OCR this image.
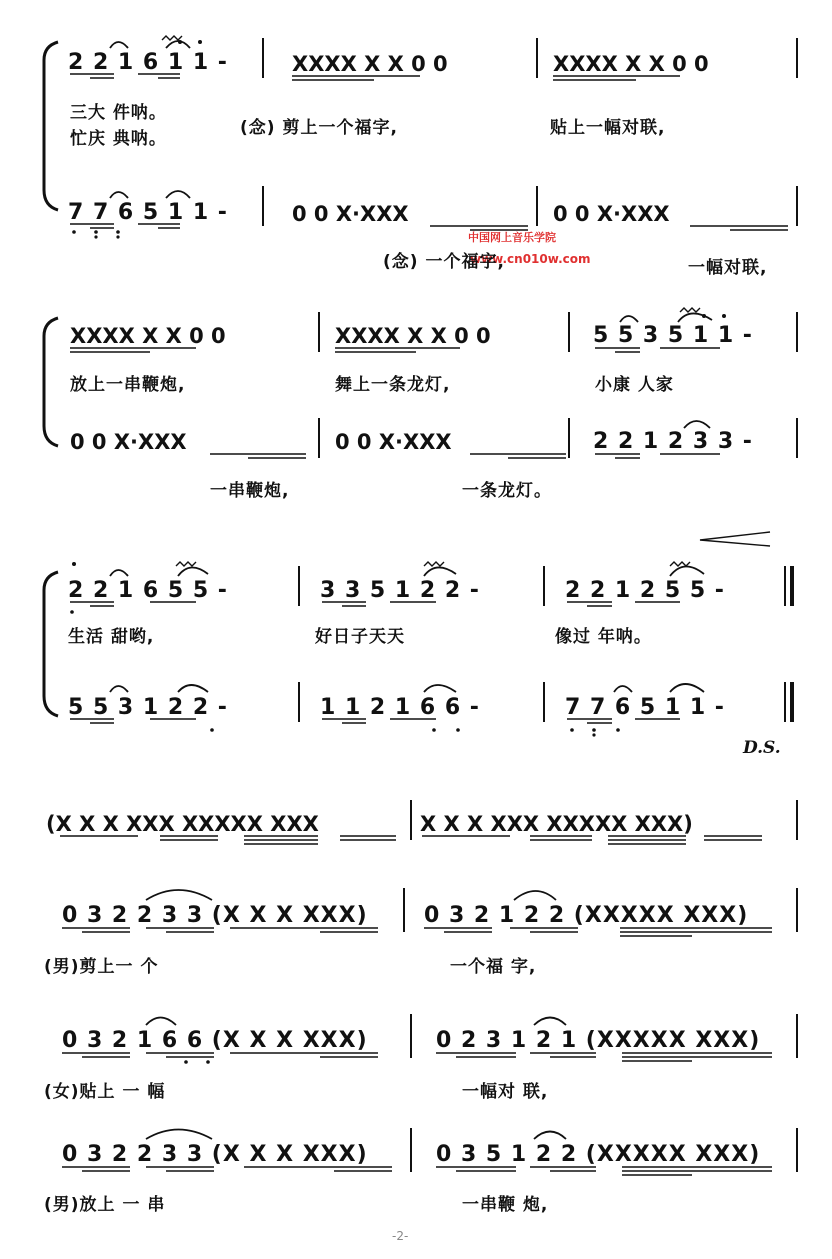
2 2 1 6 1 1 -	XXXX X X 0 0	XXXX X X 0 0
三大 件呐。
忙庆 典呐。
(念) 剪上一个福字,	贴上一幅对联,
7 7 6 5 1 1 -	0 0 X·XXX	0 0 X·XXX
中国网上音乐学院
www.cn010w.com
(念) 一个福字,	一幅对联,
XXXX X X 0 0	XXXX X X 0 0	5 5 3 5 1 1 -
放上一串鞭炮,	舞上一条龙灯,	小康 人家
0 0 X·XXX	0 0 X·XXX	2 2 1 2 3 3 -
一串鞭炮,	一条龙灯。
2 2 1 6 5 5 -	3 3 5 1 2 2 -	2 2 1 2 5 5 -
生活 甜哟,	好日子天天	像过 年呐。
5 5 3 1 2 2 -	1 1 2 1 6 6 -	7 7 6 5 1 1 -
D.S.
(X X X XXX XXXXX XXX	X X X XXX XXXXX XXX)
0 3 2 2 3 3 (X X X XXX)	0 3 2 1 2 2 (XXXXX XXX)
(男)剪上一 个	一个福 字,
0 3 2 1 6 6 (X X X XXX)	0 2 3 1 2 1 (XXXXX XXX)
(女)贴上 一 幅	一幅对 联,
0 3 2 2 3 3 (X X X XXX)	0 3 5 1 2 2 (XXXXX XXX)
(男)放上 一 串	一串鞭 炮,
-2-
